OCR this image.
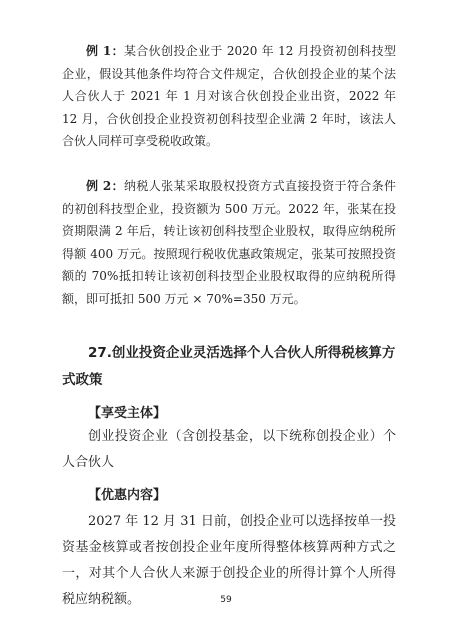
例 1：某合伙创投企业于 2020 年 12 月投资初创科技型企业，假设其他条件均符合文件规定，合伙创投企业的某个法人合伙人于 2021 年 1 月对该合伙创投企业出资，2022 年 12 月，合伙创投企业投资初创科技型企业满 2 年时，该法人合伙人同样可享受税收政策。

例 2：纳税人张某采取股权投资方式直接投资于符合条件的初创科技型企业，投资额为 500 万元。2022 年，张某在投资期限满 2 年后，转让该初创科技型企业股权，取得应纳税所得额 400 万元。按照现行税收优惠政策规定，张某可按照投资额的 70%抵扣转让该初创科技型企业股权取得的应纳税所得额，即可抵扣 500 万元 × 70%=350 万元。

27.创业投资企业灵活选择个人合伙人所得税核算方式政策

【享受主体】

创业投资企业（含创投基金，以下统称创投企业）个人合伙人

【优惠内容】

2027 年 12 月 31 日前，创投企业可以选择按单一投资基金核算或者按创投企业年度所得整体核算两种方式之一，对其个人合伙人来源于创投企业的所得计算个人所得税应纳税额。	59
